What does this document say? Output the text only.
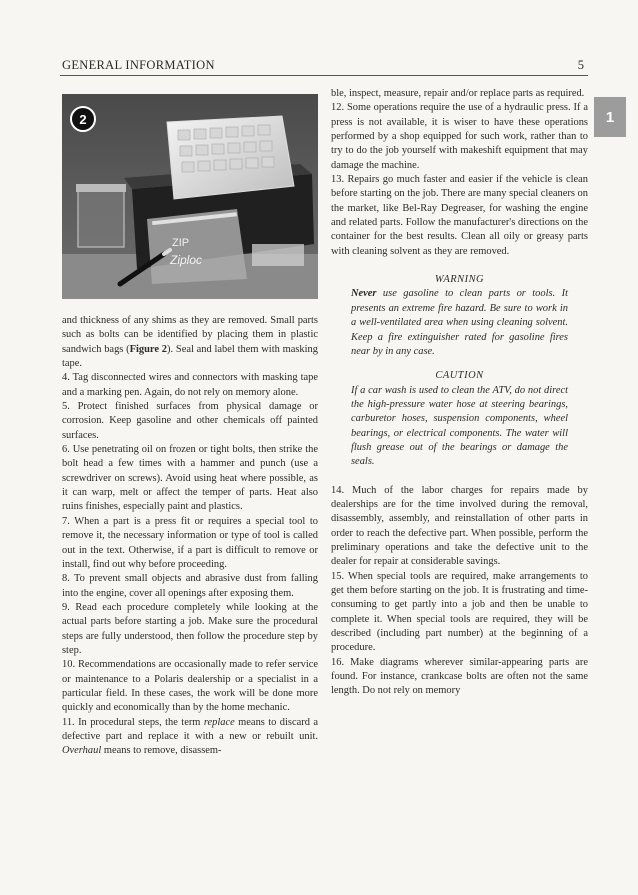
GENERAL INFORMATION	5
1
ZIP
Ziploc
2

and thickness of any shims as they are removed. Small parts such as bolts can be identified by placing them in plastic sandwich bags (Figure 2). Seal and label them with masking tape.

4. Tag disconnected wires and connectors with masking tape and a marking pen. Again, do not rely on memory alone.

5. Protect finished surfaces from physical damage or corrosion. Keep gasoline and other chemicals off painted surfaces.

6. Use penetrating oil on frozen or tight bolts, then strike the bolt head a few times with a hammer and punch (use a screwdriver on screws). Avoid using heat where possible, as it can warp, melt or affect the temper of parts. Heat also ruins finishes, especially paint and plastics.

7. When a part is a press fit or requires a special tool to remove it, the necessary information or type of tool is called out in the text. Otherwise, if a part is difficult to remove or install, find out why before proceeding.

8. To prevent small objects and abrasive dust from falling into the engine, cover all openings after exposing them.

9. Read each procedure completely while looking at the actual parts before starting a job. Make sure the procedural steps are fully understood, then follow the procedure step by step.

10. Recommendations are occasionally made to refer service or maintenance to a Polaris dealership or a specialist in a particular field. In these cases, the work will be done more quickly and economically than by the home mechanic.

11. In procedural steps, the term replace means to discard a defective part and replace it with a new or rebuilt unit. Overhaul means to remove, disassem-

ble, inspect, measure, repair and/or replace parts as required.

12. Some operations require the use of a hydraulic press. If a press is not available, it is wiser to have these operations performed by a shop equipped for such work, rather than to try to do the job yourself with makeshift equipment that may damage the machine.

13. Repairs go much faster and easier if the vehicle is clean before starting on the job. There are many special cleaners on the market, like Bel-Ray Degreaser, for washing the engine and related parts. Follow the manufacturer's directions on the container for the best results. Clean all oily or greasy parts with cleaning solvent as they are removed.

WARNING
Never use gasoline to clean parts or tools. It presents an extreme fire hazard. Be sure to work in a well-ventilated area when using cleaning solvent. Keep a fire extinguisher rated for gasoline fires near by in any case.
CAUTION
If a car wash is used to clean the ATV, do not direct the high-pressure water hose at steering bearings, carburetor hoses, suspension components, wheel bearings, or electrical components. The water will flush grease out of the bearings or damage the seals.

14. Much of the labor charges for repairs made by dealerships are for the time involved during the removal, disassembly, assembly, and reinstallation of other parts in order to reach the defective part. When possible, perform the preliminary operations and take the defective unit to the dealer for repair at considerable savings.

15. When special tools are required, make arrangements to get them before starting on the job. It is frustrating and time-consuming to get partly into a job and then be unable to complete it. When special tools are required, they will be described (including part number) at the beginning of a procedure.

16. Make diagrams wherever similar-appearing parts are found. For instance, crankcase bolts are often not the same length. Do not rely on memory
